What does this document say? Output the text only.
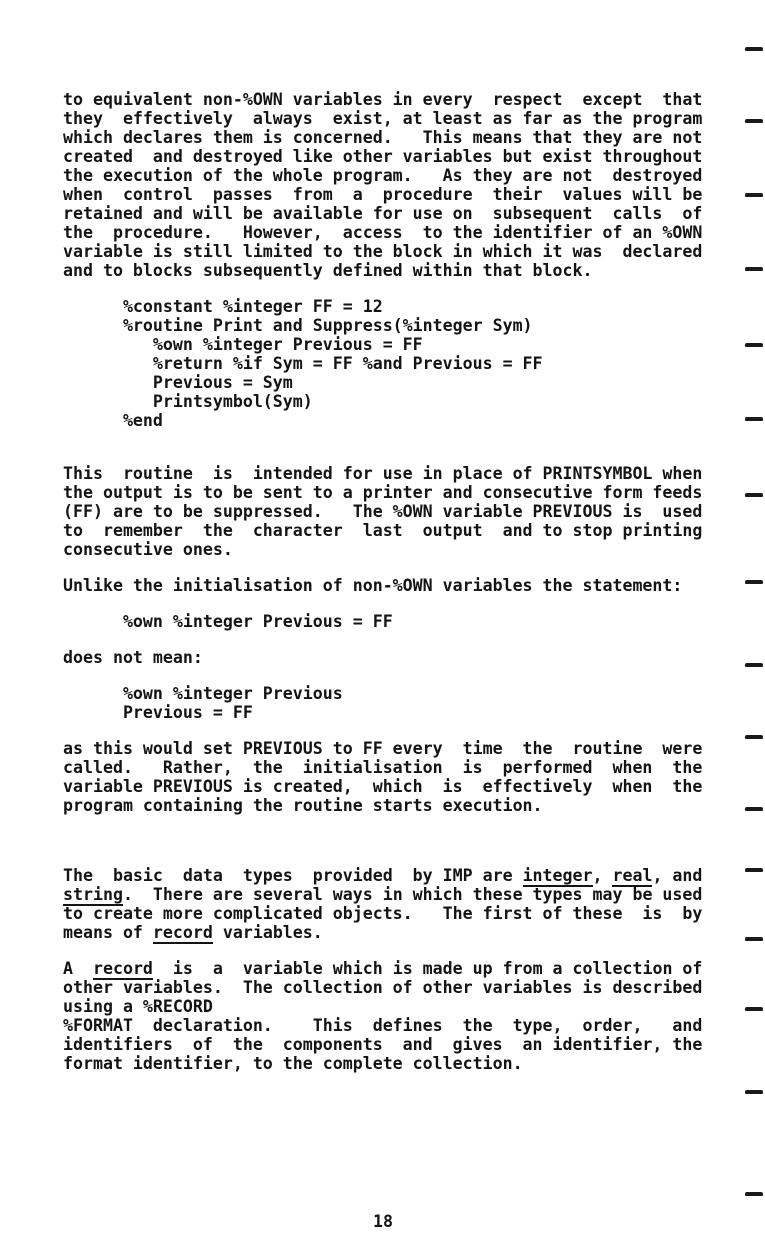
to equivalent non-%OWN variables in every  respect  except  that
they  effectively  always  exist, at least as far as the program
which declares them is concerned.   This means that they are not
created  and destroyed like other variables but exist throughout
the execution of the whole program.   As they are not  destroyed
when  control  passes  from  a  procedure  their  values will be
retained and will be available for use on  subsequent  calls  of
the  procedure.   However,  access  to the identifier of an %OWN
variable is still limited to the block in which it was  declared
and to blocks subsequently defined within that block.
%constant %integer FF = 12
%routine Print and Suppress(%integer Sym)
%own %integer Previous = FF
%return %if Sym = FF %and Previous = FF
Previous = Sym
Printsymbol(Sym)
%end
This  routine  is  intended for use in place of PRINTSYMBOL when
the output is to be sent to a printer and consecutive form feeds
(FF) are to be suppressed.   The %OWN variable PREVIOUS is  used
to  remember  the  character  last  output  and to stop printing
consecutive ones.
Unlike the initialisation of non-%OWN variables the statement:
%own %integer Previous = FF
does not mean:
%own %integer Previous
Previous = FF
as this would set PREVIOUS to FF every  time  the  routine  were
called.   Rather,  the  initialisation  is  performed  when  the
variable PREVIOUS is created,  which  is  effectively  when  the
program containing the routine starts execution.
The  basic  data  types  provided  by IMP are integer, real, and
string.  There are several ways in which these types may be used
to create more complicated objects.   The first of these  is  by
means of record variables.
A  record  is  a  variable which is made up from a collection of
other variables.  The collection of other variables is described
using a %RECORD
%FORMAT  declaration.    This  defines  the  type,  order,   and
identifiers  of  the  components  and  gives  an identifier, the
format identifier, to the complete collection.
18
